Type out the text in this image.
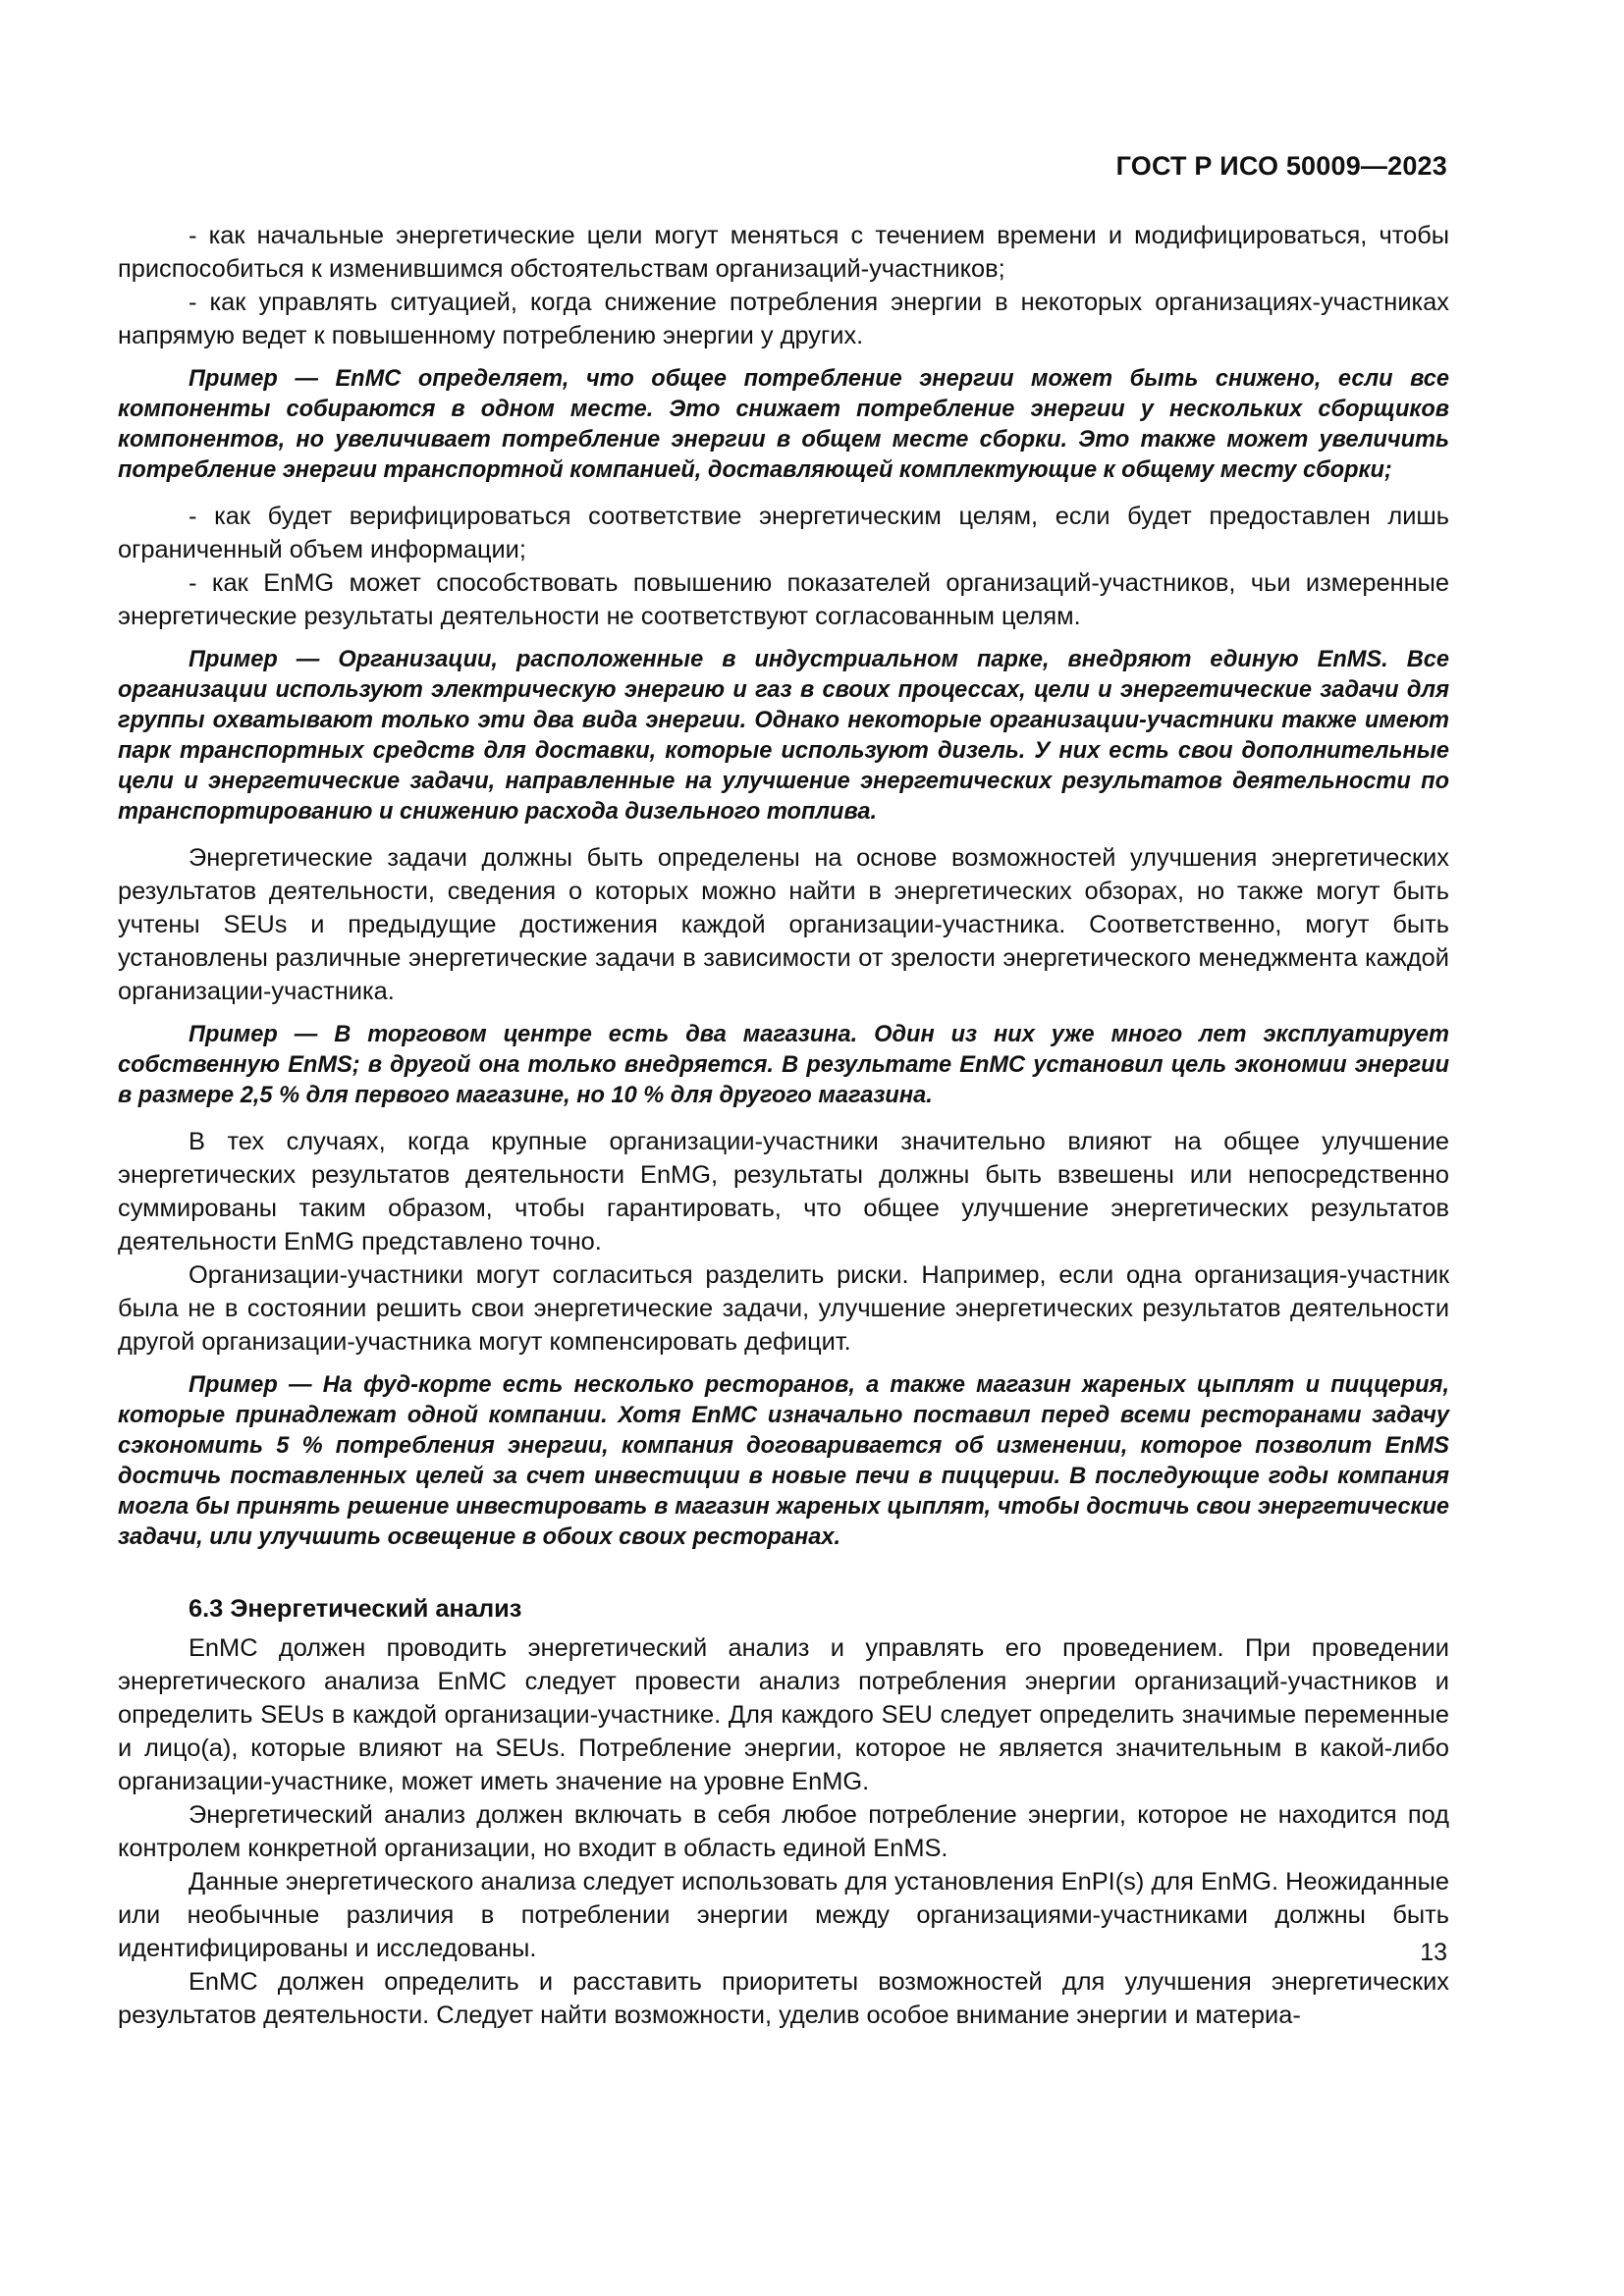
ГОСТ Р ИСО 50009—2023

- как начальные энергетические цели могут меняться с течением времени и модифицироваться, чтобы приспособиться к изменившимся обстоятельствам организаций-участников;

- как управлять ситуацией, когда снижение потребления энергии в некоторых организациях-участниках напрямую ведет к повышенному потреблению энергии у других.

Пример — EnMC определяет, что общее потребление энергии может быть снижено, если все компоненты собираются в одном месте. Это снижает потребление энергии у нескольких сборщиков компонентов, но увеличивает потребление энергии в общем месте сборки. Это также может увеличить потребление энергии транспортной компанией, доставляющей комплектующие к общему месту сборки;

- как будет верифицироваться соответствие энергетическим целям, если будет предоставлен лишь ограниченный объем информации;

- как EnMG может способствовать повышению показателей организаций-участников, чьи измеренные энергетические результаты деятельности не соответствуют согласованным целям.

Пример — Организации, расположенные в индустриальном парке, внедряют единую EnMS. Все организации используют электрическую энергию и газ в своих процессах, цели и энергетические задачи для группы охватывают только эти два вида энергии. Однако некоторые организации-участники также имеют парк транспортных средств для доставки, которые используют дизель. У них есть свои дополнительные цели и энергетические задачи, направленные на улучшение энергетических результатов деятельности по транспортированию и снижению расхода дизельного топлива.

Энергетические задачи должны быть определены на основе возможностей улучшения энергетических результатов деятельности, сведения о которых можно найти в энергетических обзорах, но также могут быть учтены SEUs и предыдущие достижения каждой организации-участника. Соответственно, могут быть установлены различные энергетические задачи в зависимости от зрелости энергетического менеджмента каждой организации-участника.

Пример — В торговом центре есть два магазина. Один из них уже много лет эксплуатирует собственную EnMS; в другой она только внедряется. В результате EnMC установил цель экономии энергии в размере 2,5 % для первого магазине, но 10 % для другого магазина.

В тех случаях, когда крупные организации-участники значительно влияют на общее улучшение энергетических результатов деятельности EnMG, результаты должны быть взвешены или непосредственно суммированы таким образом, чтобы гарантировать, что общее улучшение энергетических результатов деятельности EnMG представлено точно.

Организации-участники могут согласиться разделить риски. Например, если одна организация-участник была не в состоянии решить свои энергетические задачи, улучшение энергетических результатов деятельности другой организации-участника могут компенсировать дефицит.

Пример — На фуд-корте есть несколько ресторанов, а также магазин жареных цыплят и пиццерия, которые принадлежат одной компании. Хотя EnMC изначально поставил перед всеми ресторанами задачу сэкономить 5 % потребления энергии, компания договаривается об изменении, которое позволит EnMS достичь поставленных целей за счет инвестиции в новые печи в пиццерии. В последующие годы компания могла бы принять решение инвестировать в магазин жареных цыплят, чтобы достичь свои энергетические задачи, или улучшить освещение в обоих своих ресторанах.

6.3 Энергетический анализ

EnMC должен проводить энергетический анализ и управлять его проведением. При проведении энергетического анализа EnMC следует провести анализ потребления энергии организаций-участников и определить SEUs в каждой организации-участнике. Для каждого SEU следует определить значимые переменные и лицо(а), которые влияют на SEUs. Потребление энергии, которое не является значительным в какой-либо организации-участнике, может иметь значение на уровне EnMG.

Энергетический анализ должен включать в себя любое потребление энергии, которое не находится под контролем конкретной организации, но входит в область единой EnMS.

Данные энергетического анализа следует использовать для установления EnPI(s) для EnMG. Неожиданные или необычные различия в потреблении энергии между организациями-участниками должны быть идентифицированы и исследованы.

EnMC должен определить и расставить приоритеты возможностей для улучшения энергетических результатов деятельности. Следует найти возможности, уделив особое внимание энергии и материа-

13
